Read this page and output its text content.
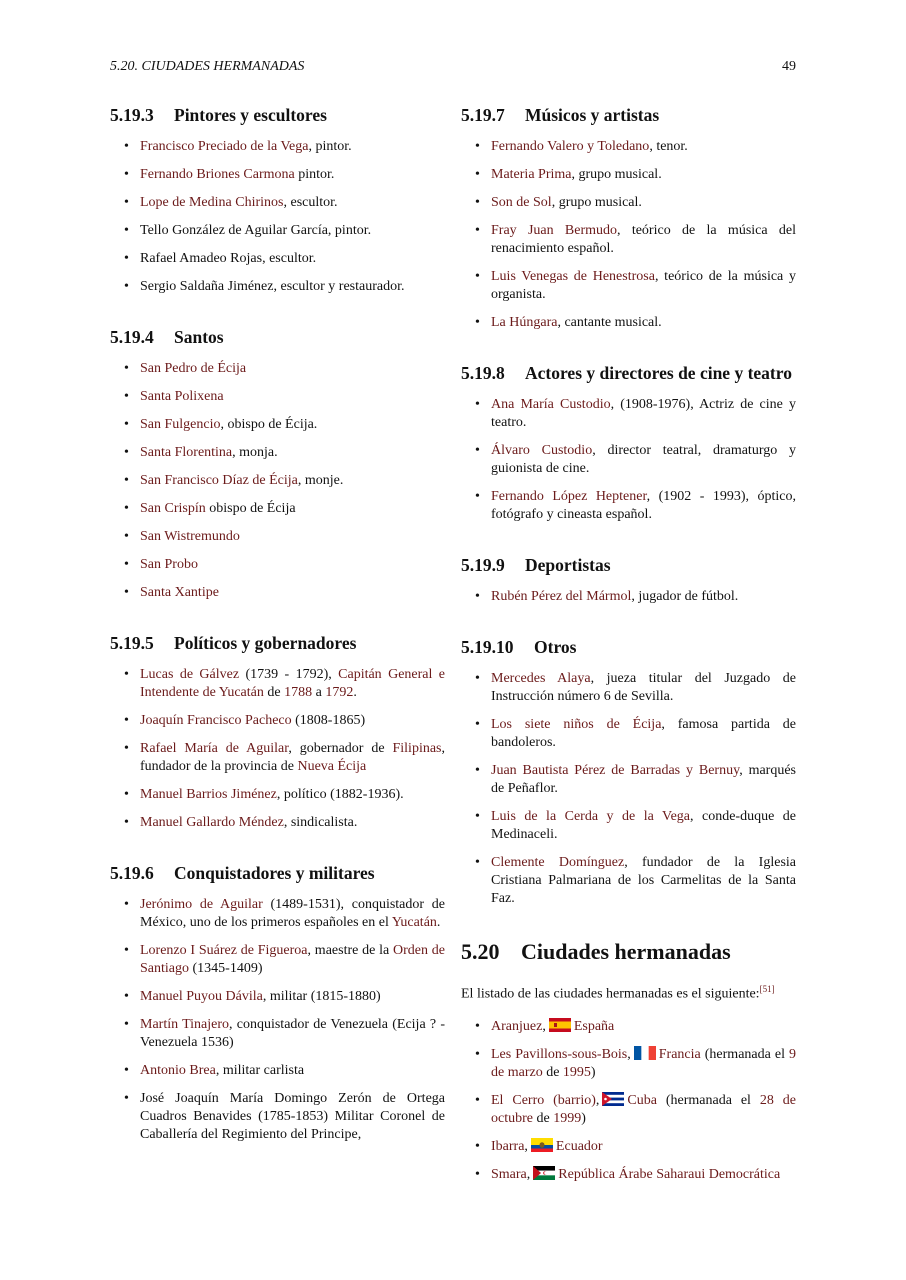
5.20. CIUDADES HERMANADAS	49
5.19.3 Pintores y escultores
• Francisco Preciado de la Vega, pintor.
• Fernando Briones Carmona pintor.
• Lope de Medina Chirinos, escultor.
• Tello González de Aguilar García, pintor.
• Rafael Amadeo Rojas, escultor.
• Sergio Saldaña Jiménez, escultor y restaurador.
5.19.4 Santos
• San Pedro de Écija
• Santa Polixena
• San Fulgencio, obispo de Écija.
• Santa Florentina, monja.
• San Francisco Díaz de Écija, monje.
• San Crispín obispo de Écija
• San Wistremundo
• San Probo
• Santa Xantipe
5.19.5 Políticos y gobernadores
• Lucas de Gálvez (1739 - 1792), Capitán General e Intendente de Yucatán de 1788 a 1792.
• Joaquín Francisco Pacheco (1808-1865)
• Rafael María de Aguilar, gobernador de Filipinas, fundador de la provincia de Nueva Écija
• Manuel Barrios Jiménez, político (1882-1936).
• Manuel Gallardo Méndez, sindicalista.
5.19.6 Conquistadores y militares
• Jerónimo de Aguilar (1489-1531), conquistador de México, uno de los primeros españoles en el Yucatán.
• Lorenzo I Suárez de Figueroa, maestre de la Orden de Santiago (1345-1409)
• Manuel Puyou Dávila, militar (1815-1880)
• Martín Tinajero, conquistador de Venezuela (Ecija ? - Venezuela 1536)
• Antonio Brea, militar carlista
• José Joaquín María Domingo Zerón de Ortega Cuadros Benavides (1785-1853) Militar Coronel de Caballería del Regimiento del Principe,
5.19.7 Músicos y artistas
• Fernando Valero y Toledano, tenor.
• Materia Prima, grupo musical.
• Son de Sol, grupo musical.
• Fray Juan Bermudo, teórico de la música del renacimiento español.
• Luis Venegas de Henestrosa, teórico de la música y organista.
• La Húngara, cantante musical.
5.19.8 Actores y directores de cine y teatro
• Ana María Custodio, (1908-1976), Actriz de cine y teatro.
• Álvaro Custodio, director teatral, dramaturgo y guionista de cine.
• Fernando López Heptener, (1902 - 1993), óptico, fotógrafo y cineasta español.
5.19.9 Deportistas
• Rubén Pérez del Mármol, jugador de fútbol.
5.19.10 Otros
• Mercedes Alaya, jueza titular del Juzgado de Instrucción número 6 de Sevilla.
• Los siete niños de Écija, famosa partida de bandoleros.
• Juan Bautista Pérez de Barradas y Bernuy, marqués de Peñaflor.
• Luis de la Cerda y de la Vega, conde-duque de Medinaceli.
• Clemente Domínguez, fundador de la Iglesia Cristiana Palmariana de los Carmelitas de la Santa Faz.
5.20 Ciudades hermanadas

El listado de las ciudades hermanadas es el siguiente:[51]

• Aranjuez, España
• Les Pavillons-sous-Bois, Francia (hermanada el 9 de marzo de 1995)
• El Cerro (barrio), Cuba (hermanada el 28 de octubre de 1999)
• Ibarra, Ecuador
• Smara, República Árabe Saharaui Democrática
